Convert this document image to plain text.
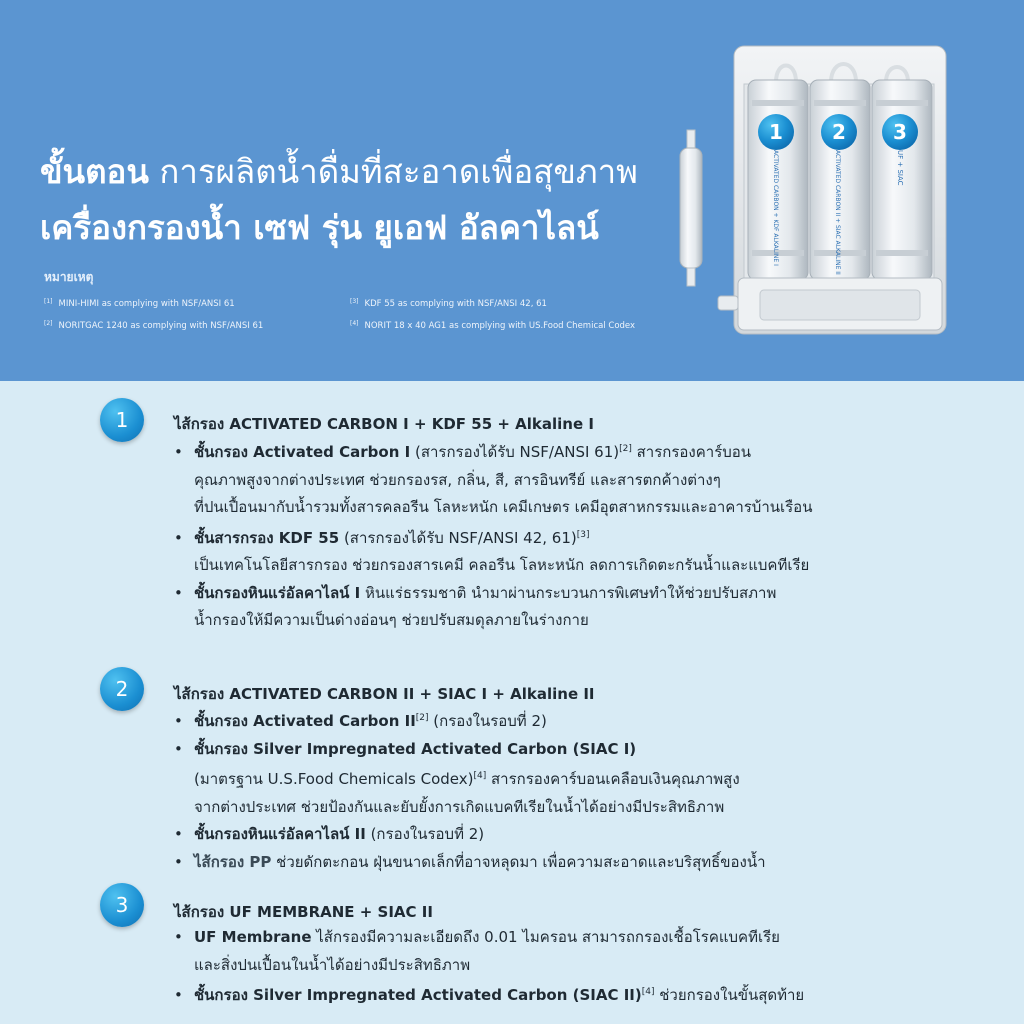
ขั้นตอน การผลิตน้ำดื่มที่สะอาดเพื่อสุขภาพ
เครื่องกรองน้ำ เซฟ รุ่น ยูเอฟ อัลคาไลน์
หมายเหตุ
[1] MINI-HIMI as complying with NSF/ANSI 61
[2] NORITGAC 1240 as complying with NSF/ANSI 61
[3] KDF 55 as complying with NSF/ANSI 42, 61
[4] NORIT 18 x 40 AG1 as complying with US.Food Chemical Codex
ACTIVATED CARBON II + SIAC ALKALINE II
ACTIVATED CARBON + KDF ALKALINE I	UF + SIAC
1 2 3
1	ไส้กรอง ACTIVATED CARBON I + KDF 55 + Alkaline I
• ชั้นกรอง Activated Carbon I (สารกรองได้รับ NSF/ANSI 61)[2] สารกรองคาร์บอน
คุณภาพสูงจากต่างประเทศ ช่วยกรองรส, กลิ่น, สี, สารอินทรีย์ และสารตกค้างต่างๆ
ที่ปนเปื้อนมากับน้ำรวมทั้งสารคลอรีน โลหะหนัก เคมีเกษตร เคมีอุตสาหกรรมและอาคารบ้านเรือน
• ชั้นสารกรอง KDF 55 (สารกรองได้รับ NSF/ANSI 42, 61)[3]
เป็นเทคโนโลยีสารกรอง ช่วยกรองสารเคมี คลอรีน โลหะหนัก ลดการเกิดตะกรันน้ำและแบคทีเรีย
• ชั้นกรองหินแร่อัลคาไลน์ I หินแร่ธรรมชาติ นำมาผ่านกระบวนการพิเศษทำให้ช่วยปรับสภาพ
น้ำกรองให้มีความเป็นด่างอ่อนๆ ช่วยปรับสมดุลภายในร่างกาย
2	ไส้กรอง ACTIVATED CARBON II + SIAC I + Alkaline II
• ชั้นกรอง Activated Carbon II[2] (กรองในรอบที่ 2)
• ชั้นกรอง Silver Impregnated Activated Carbon (SIAC I)
(มาตรฐาน U.S.Food Chemicals Codex)[4] สารกรองคาร์บอนเคลือบเงินคุณภาพสูง
จากต่างประเทศ ช่วยป้องกันและยับยั้งการเกิดแบคทีเรียในน้ำได้อย่างมีประสิทธิภาพ
• ชั้นกรองหินแร่อัลคาไลน์ II (กรองในรอบที่ 2)
• ไส้กรอง PP ช่วยดักตะกอน ฝุ่นขนาดเล็กที่อาจหลุดมา เพื่อความสะอาดและบริสุทธิ์ของน้ำ
3	ไส้กรอง UF MEMBRANE + SIAC II
• UF Membrane ไส้กรองมีความละเอียดถึง 0.01 ไมครอน สามารถกรองเชื้อโรคแบคทีเรีย
และสิ่งปนเปื้อนในน้ำได้อย่างมีประสิทธิภาพ
• ชั้นกรอง Silver Impregnated Activated Carbon (SIAC II)[4] ช่วยกรองในขั้นสุดท้าย
